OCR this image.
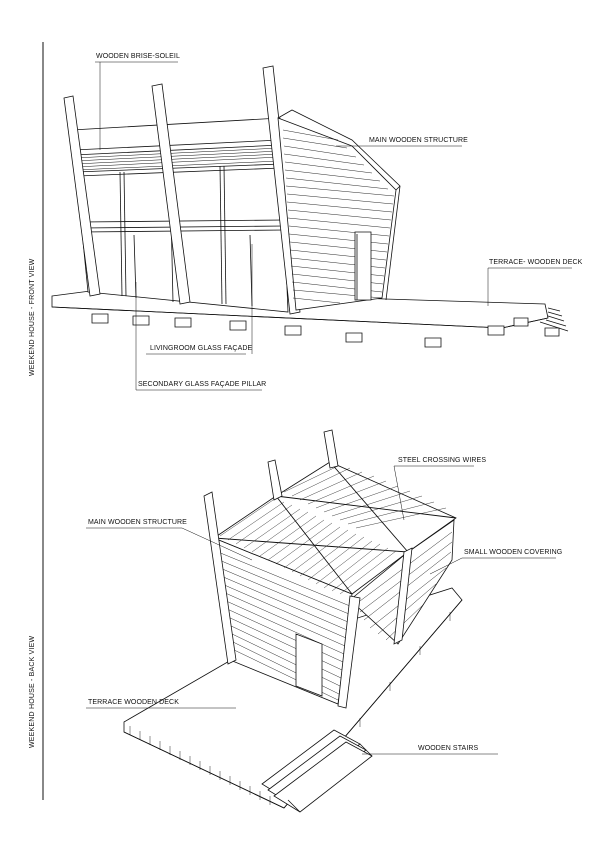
WEEKEND HOUSE - FRONT VIEW
WEEKEND HOUSE - BACK VIEW
WOODEN BRISE-SOLEIL
MAIN WOODEN STRUCTURE
TERRACE- WOODEN DECK
LIVINGROOM GLASS FAÇADE
SECONDARY GLASS FAÇADE PILLAR
STEEL CROSSING WIRES
MAIN WOODEN STRUCTURE
SMALL WOODEN COVERING
TERRACE WOODEN DECK
WOODEN STAIRS
